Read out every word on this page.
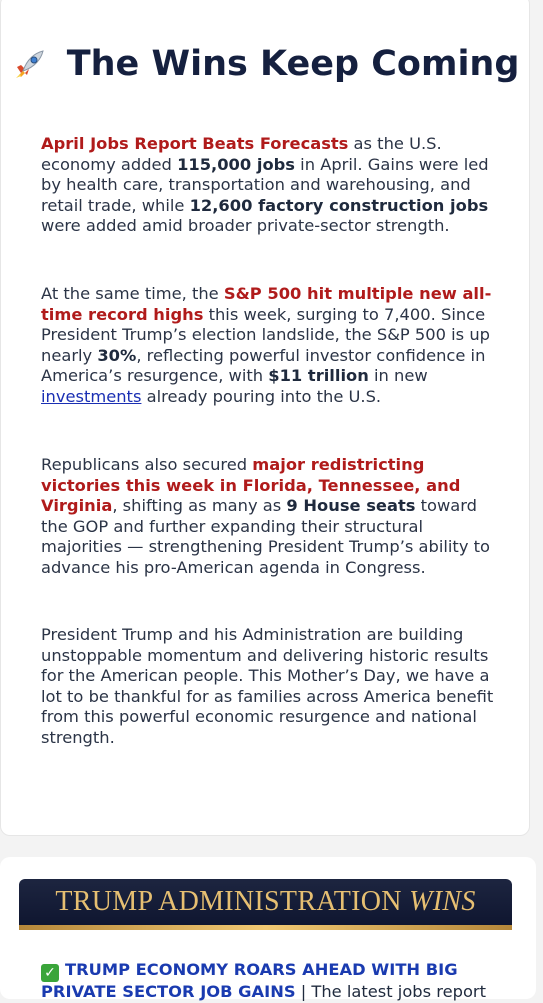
The Wins Keep Coming
April Jobs Report Beats Forecasts as the U.S. economy added 115,000 jobs in April. Gains were led by health care, transportation and warehousing, and retail trade, while 12,600 factory construction jobs were added amid broader private-sector strength.
At the same time, the S&P 500 hit multiple new all-time record highs this week, surging to 7,400. Since President Trump’s election landslide, the S&P 500 is up nearly 30%, reflecting powerful investor confidence in America’s resurgence, with $11 trillion in new investments already pouring into the U.S.
Republicans also secured major redistricting victories this week in Florida, Tennessee, and Virginia, shifting as many as 9 House seats toward the GOP and further expanding their structural majorities — strengthening President Trump’s ability to advance his pro-American agenda in Congress.
President Trump and his Administration are building unstoppable momentum and delivering historic results for the American people. This Mother’s Day, we have a lot to be thankful for as families across America benefit from this powerful economic resurgence and national strength.
TRUMP ADMINISTRATION WINS
✓ TRUMP ECONOMY ROARS AHEAD WITH BIG PRIVATE SECTOR JOB GAINS | The latest jobs report
